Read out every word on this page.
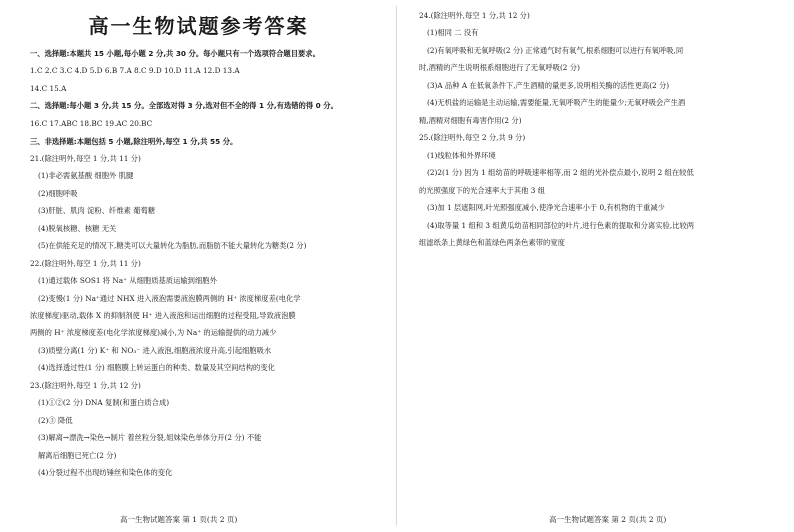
高一生物试题参考答案
一、选择题:本题共 15 小题,每小题 2 分,共 30 分。每小题只有一个选项符合题目要求。
1.C 2.C 3.C 4.D 5.D 6.B 7.A 8.C 9.D 10.D 11.A 12.D 13.A
14.C 15.A
二、选择题:每小题 3 分,共 15 分。全部选对得 3 分,选对但不全的得 1 分,有选错的得 0 分。
16.C 17.ABC 18.BC 19.AC 20.BC
三、非选择题:本题包括 5 小题,除注明外,每空 1 分,共 55 分。
21.(除注明外,每空 1 分,共 11 分)
(1)非必需氨基酸 细胞外 肌腱
(2)细胞呼吸
(3)肝脏、肌肉 淀粉、纤维素 葡萄糖
(4)脱氧核糖、核糖 无关
(5)在供能充足的情况下,糖类可以大量转化为脂肪,而脂肪不能大量转化为糖类(2 分)
22.(除注明外,每空 1 分,共 11 分)
(1)通过载体 SOS1 将 Na⁺ 从细胞质基质运输到细胞外
(2)变慢(1 分) Na⁺通过 NHX 进入液泡需要液泡膜两侧的 H⁺ 浓度梯度差(电化学
浓度梯度)驱动,载体 X 的抑制剂使 H⁺ 进入液泡和运出细胞的过程受阻,导致液泡膜
两侧的 H⁺ 浓度梯度差(电化学浓度梯度)减小,为 Na⁺ 的运输提供的动力减少
(3)质壁分离(1 分) K⁺ 和 NO₃⁻ 进入液泡,细胞液浓度升高,引起细胞吸水
(4)选择透过性(1 分) 细胞膜上转运蛋白的种类、数量及其空间结构的变化
23.(除注明外,每空 1 分,共 12 分)
(1)①②(2 分) DNA 复制(和蛋白质合成)
(2)③ 降低
(3)解离→漂洗→染色→制片 着丝粒分裂,姐妹染色单体分开(2 分) 不能
解离后细胞已死亡(2 分)
(4)分裂过程不出现纺锤丝和染色体的变化
高一生物试题答案 第 1 页(共 2 页)
24.(除注明外,每空 1 分,共 12 分)
(1)相同 二 没有
(2)有氧呼吸和无氧呼吸(2 分) 正常通气时有氧气,根系细胞可以进行有氧呼吸,同
时,酒精的产生说明根系细胞进行了无氧呼吸(2 分)
(3)A 品种 A 在低氧条件下,产生酒精的量更多,说明相关酶的活性更高(2 分)
(4)无机盐的运输是主动运输,需要能量,无氧呼吸产生的能量少;无氧呼吸会产生酒
精,酒精对细胞有毒害作用(2 分)
25.(除注明外,每空 2 分,共 9 分)
(1)线粒体和外界环境
(2)2(1 分) 因为 1 组幼苗的呼吸速率相等,而 2 组的光补偿点最小,说明 2 组在较低
的光照强度下的光合速率大于其他 3 组
(3)加 1 层遮阳网,叶光照强度减小,使净光合速率小于 0,有机物的干重减少
(4)取等量 1 组和 3 组黄瓜幼苗相同部位的叶片,进行色素的提取和分离实验,比较两
组滤纸条上黄绿色和蓝绿色两条色素带的宽度
高一生物试题答案 第 2 页(共 2 页)
